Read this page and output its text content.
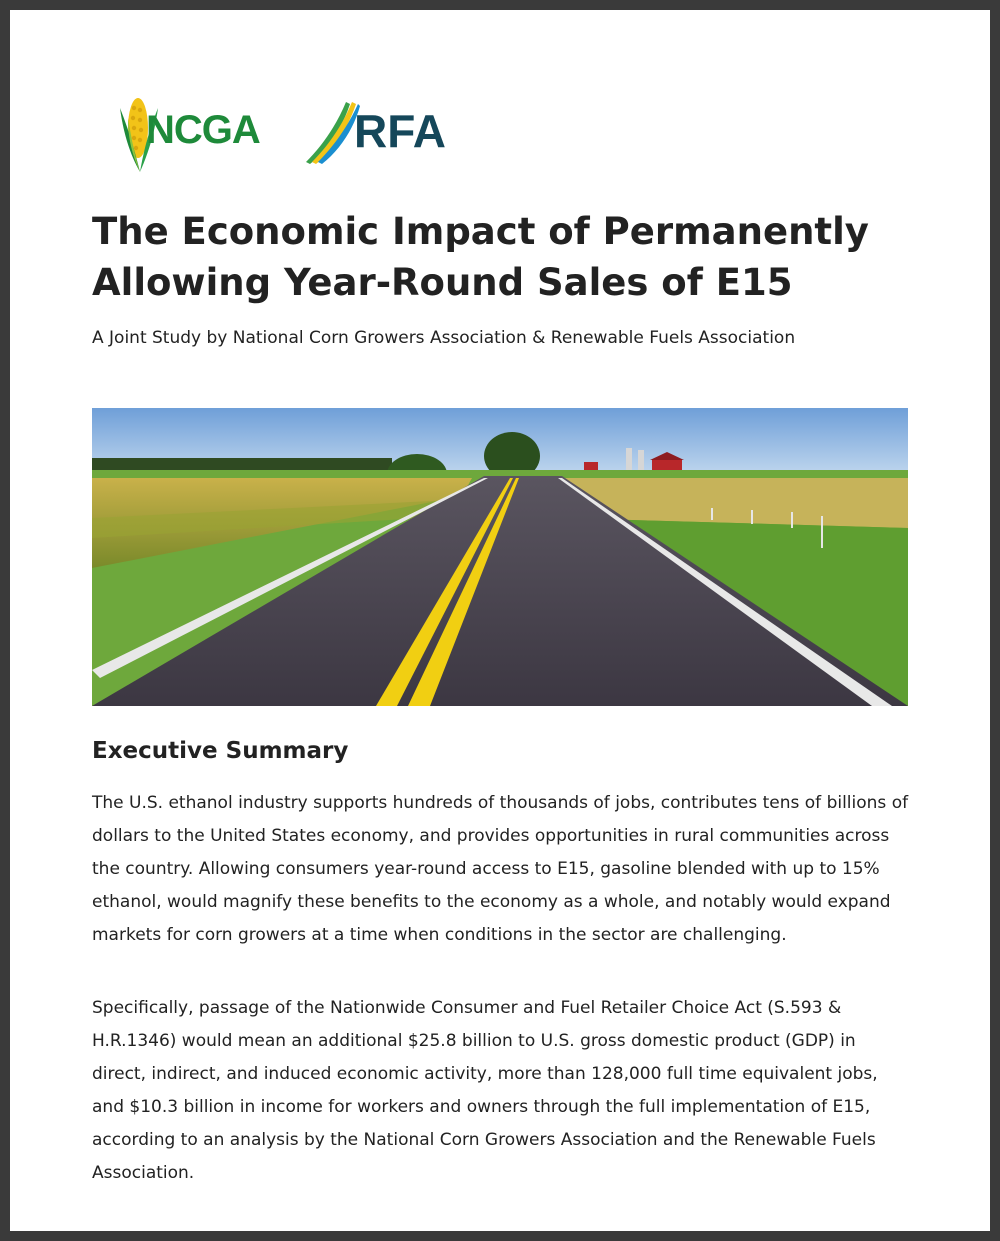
NCGA RFA
The Economic Impact of Permanently Allowing Year-Round Sales of E15
A Joint Study by National Corn Growers Association & Renewable Fuels Association
Executive Summary

The U.S. ethanol industry supports hundreds of thousands of jobs, contributes tens of billions of dollars to the United States economy, and provides opportunities in rural communities across the country. Allowing consumers year-round access to E15, gasoline blended with up to 15% ethanol, would magnify these benefits to the economy as a whole, and notably would expand markets for corn growers at a time when conditions in the sector are challenging.

Specifically, passage of the Nationwide Consumer and Fuel Retailer Choice Act (S.593 & H.R.1346) would mean an additional $25.8 billion to U.S. gross domestic product (GDP) in direct, indirect, and induced economic activity, more than 128,000 full time equivalent jobs, and $10.3 billion in income for workers and owners through the full implementation of E15, according to an analysis by the National Corn Growers Association and the Renewable Fuels Association.
